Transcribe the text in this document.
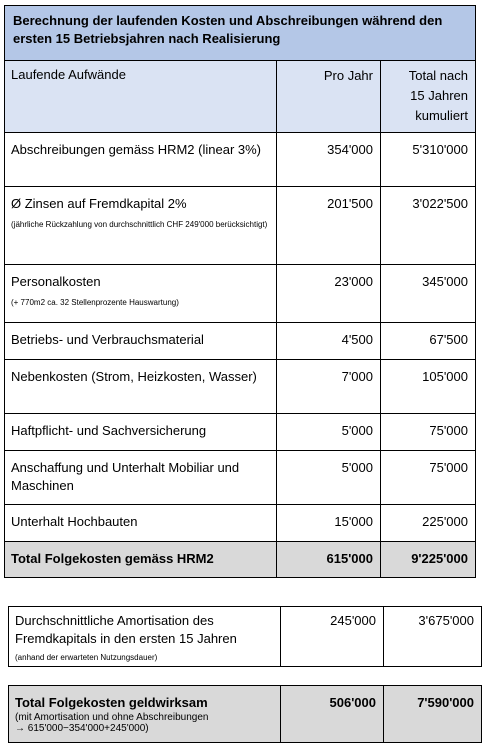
Berechnung der laufenden Kosten und Abschreibungen während den ersten 15 Betriebsjahren nach Realisierung		
Laufende Aufwände	Pro Jahr	Total nach
15 Jahren
kumuliert
Abschreibungen gemäss HRM2 (linear 3%)	354'000	5'310'000
Ø Zinsen auf Fremdkapital 2%
(jährliche Rückzahlung von durchschnittlich CHF 249'000 berücksichtigt)	201'500	3'022'500
Personalkosten
(+ 770m2 ca. 32 Stellenprozente Hauswartung)	23'000	345'000
Betriebs- und Verbrauchsmaterial	4'500	67'500
Nebenkosten (Strom, Heizkosten, Wasser)	7'000	105'000
Haftpflicht- und Sachversicherung	5'000	75'000
Anschaffung und Unterhalt Mobiliar und Maschinen	5'000	75'000
Unterhalt Hochbauten	15'000	225'000
Total Folgekosten gemäss HRM2	615'000	9'225'000
Durchschnittliche Amortisation des Fremdkapitals in den ersten 15 Jahren
(anhand der erwarteten Nutzungsdauer)
	245'000	3'675'000
Total Folgekosten geldwirksam
(mit Amortisation und ohne Abschreibungen
→ 615'000−354'000+245'000)
	506'000	7'590'000
